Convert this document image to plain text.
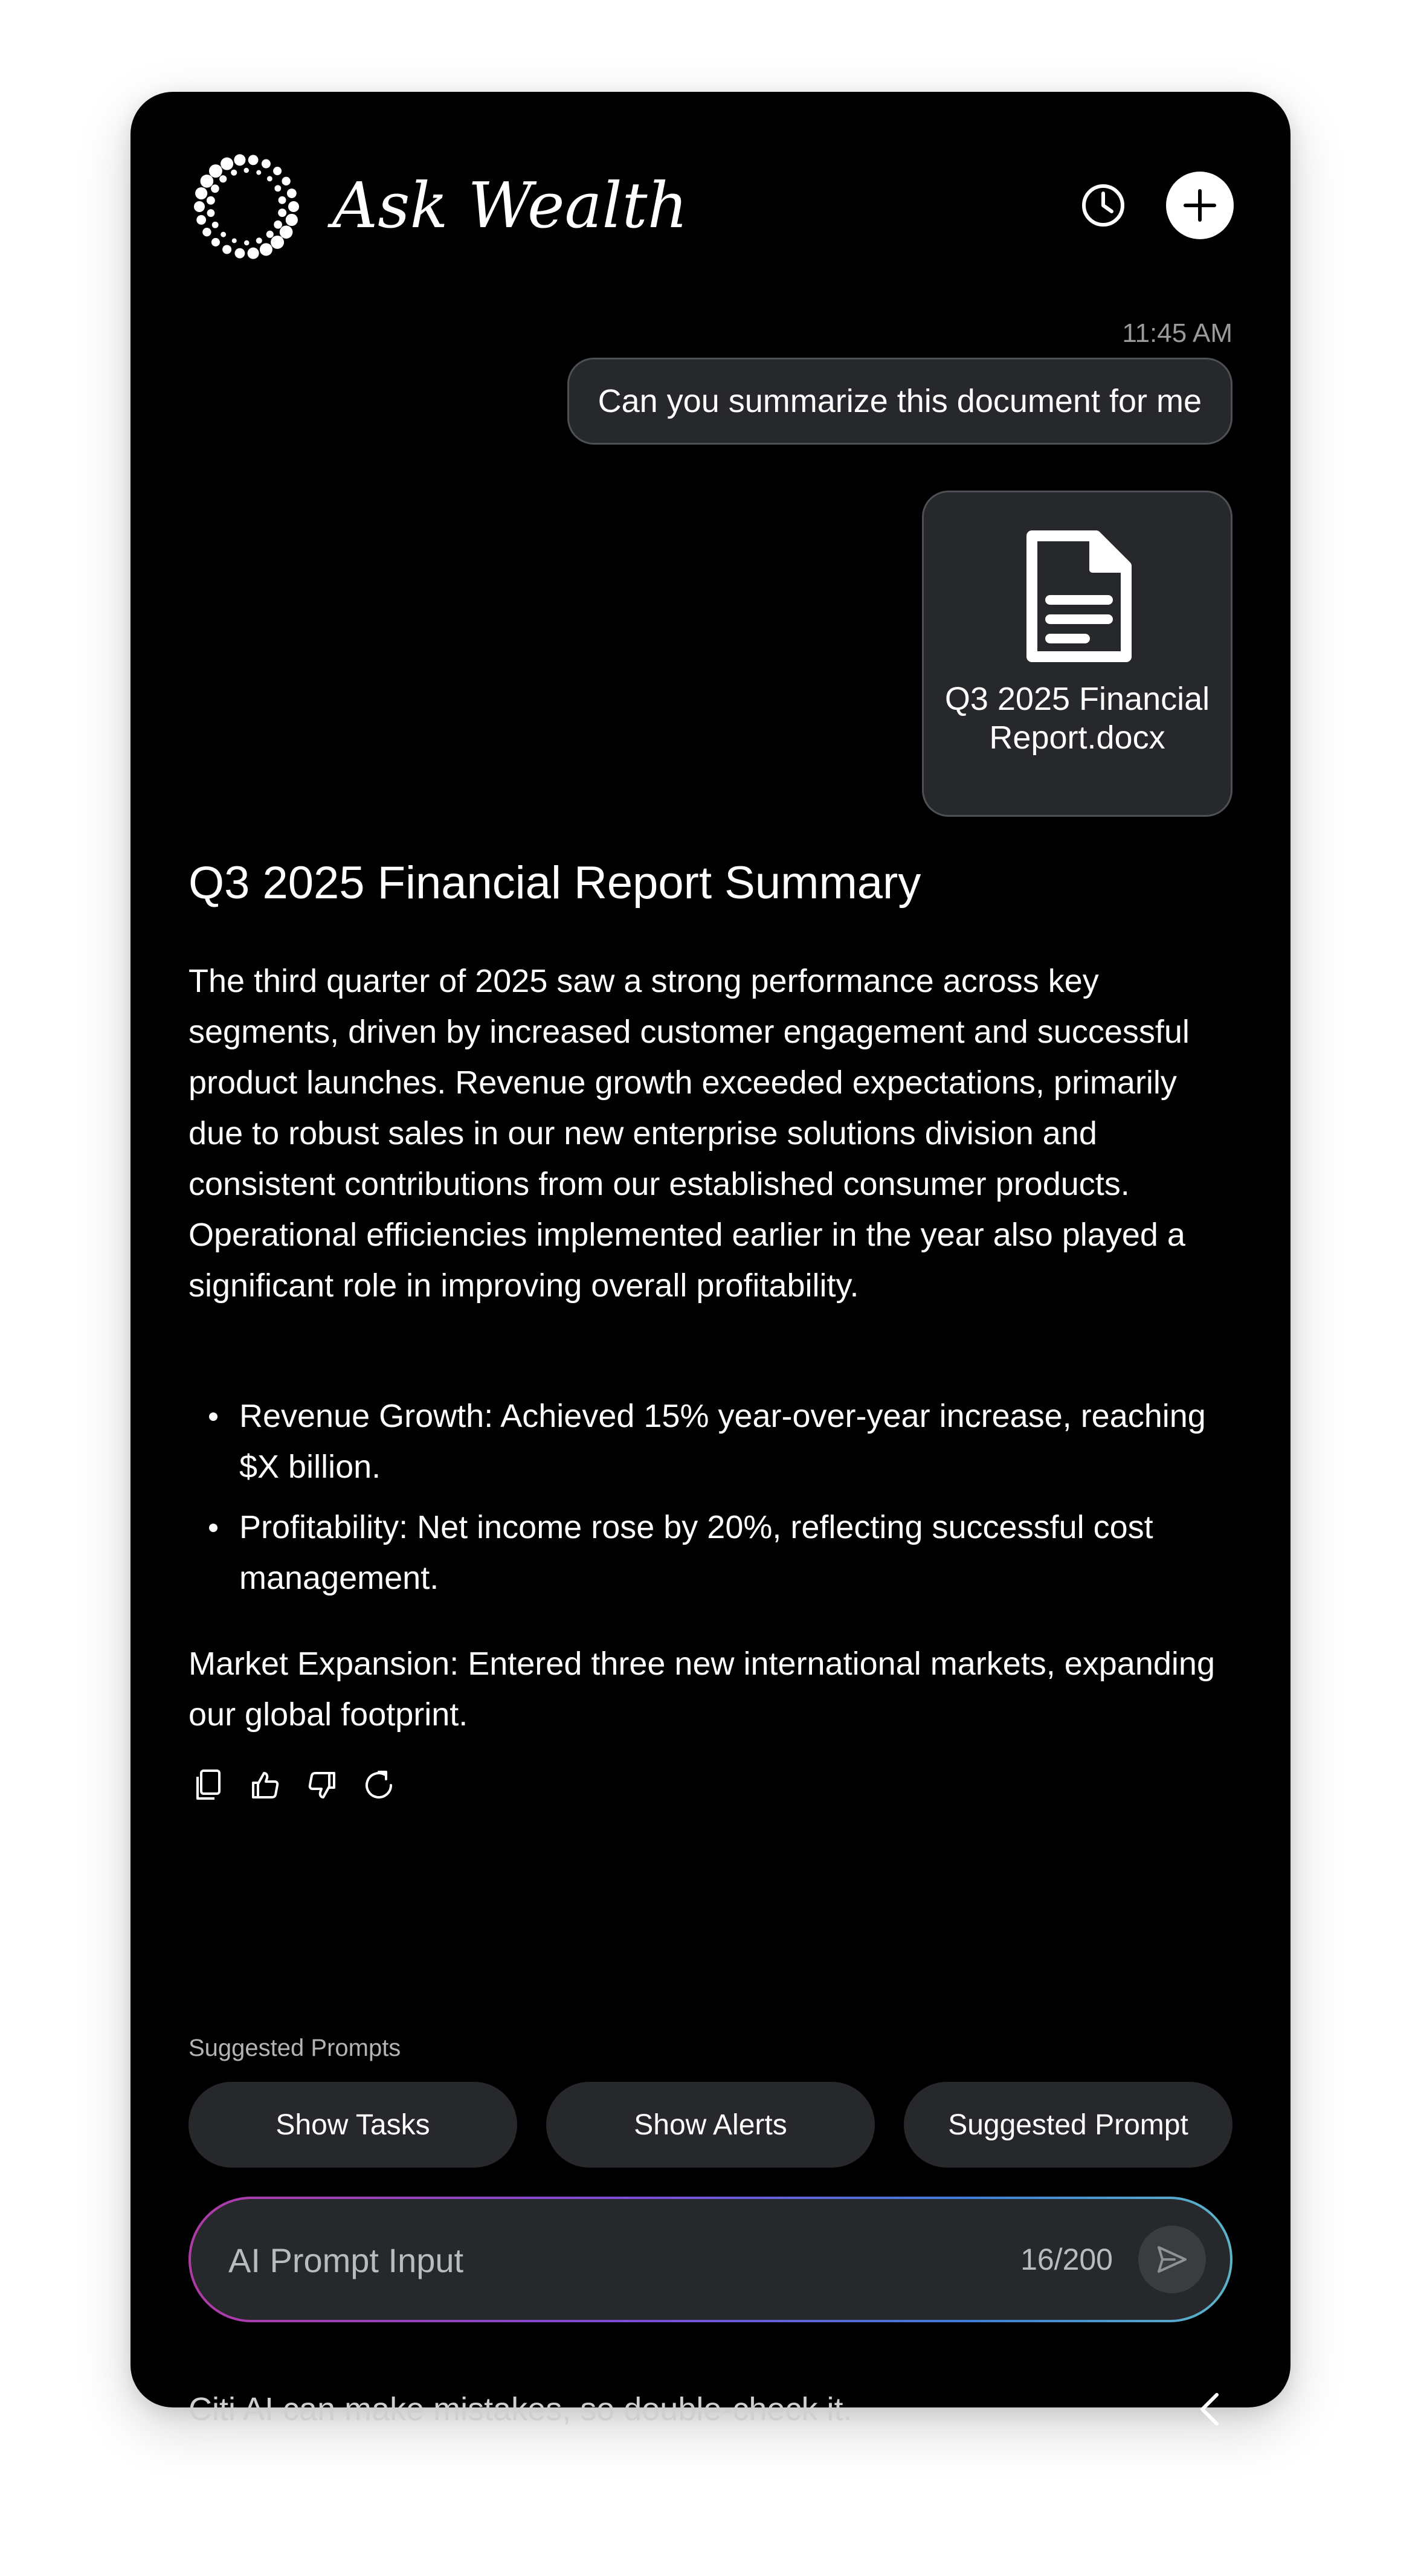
Ask Wealth
11:45 AM
Can you summarize this document for me
Q3 2025 Financial Report.docx
Q3 2025 Financial Report Summary
The third quarter of 2025 saw a strong performance across key segments, driven by increased customer engagement and successful product launches. Revenue growth exceeded expectations, primarily due to robust sales in our new enterprise solutions division and consistent contributions from our established consumer products. Operational efficiencies implemented earlier in the year also played a significant role in improving overall profitability.
Revenue Growth: Achieved 15% year-over-year increase, reaching $X billion.
Profitability: Net income rose by 20%, reflecting successful cost management.
Market Expansion: Entered three new international markets, expanding our global footprint.
Suggested Prompts
Show Tasks	Show Alerts	Suggested Prompt
AI Prompt Input
16/200
Citi AI can make mistakes, so double-check it.
